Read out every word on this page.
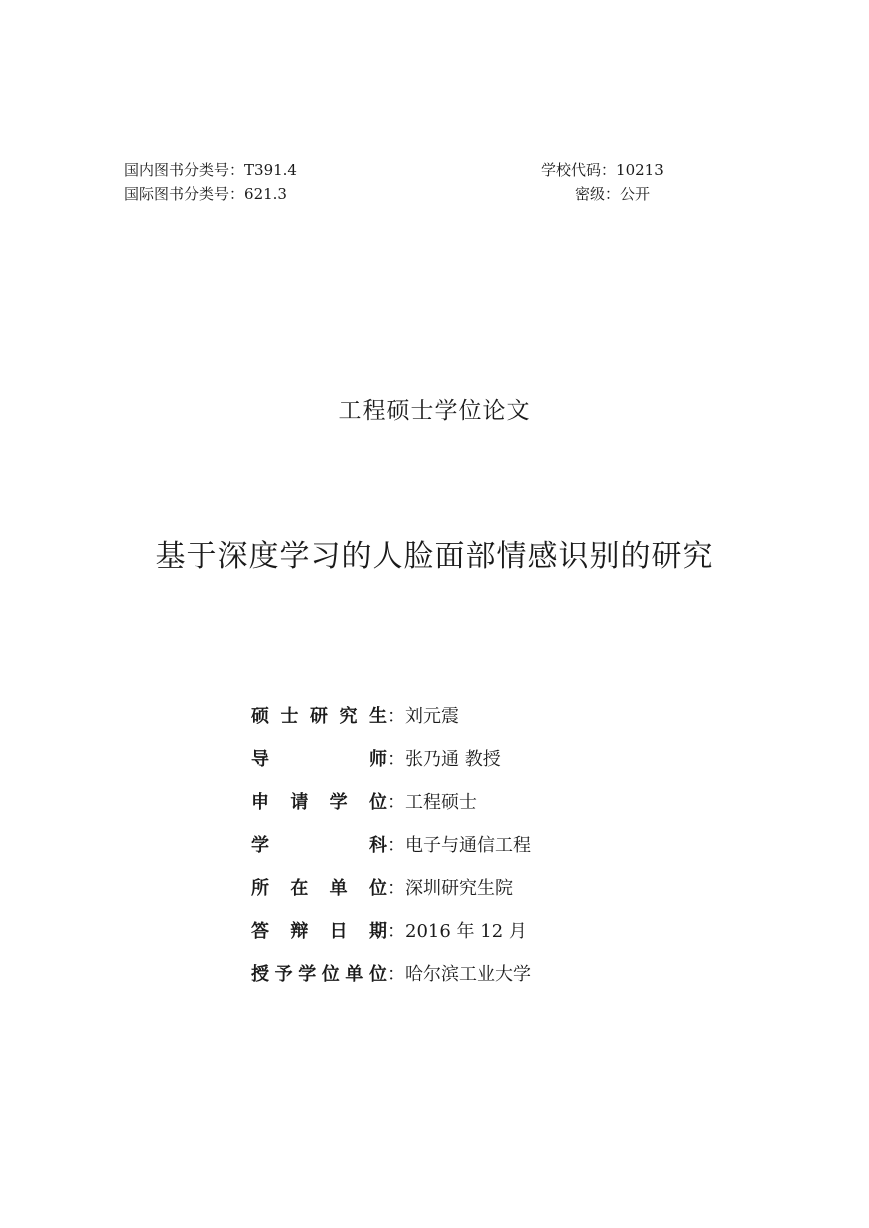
国内图书分类号：T391.4
国际图书分类号：621.3
学校代码：10213
密级：公开
工程硕士学位论文
基于深度学习的人脸面部情感识别的研究
硕 士 研 究 生 ： 刘元震
导	师 ： 张乃通 教授
申 请 学 位 ： 工程硕士
学	科 ： 电子与通信工程
所 在 单 位 ： 深圳研究生院
答 辩 日 期 ： 2016 年 12 月
授 予 学 位 单 位 ： 哈尔滨工业大学
